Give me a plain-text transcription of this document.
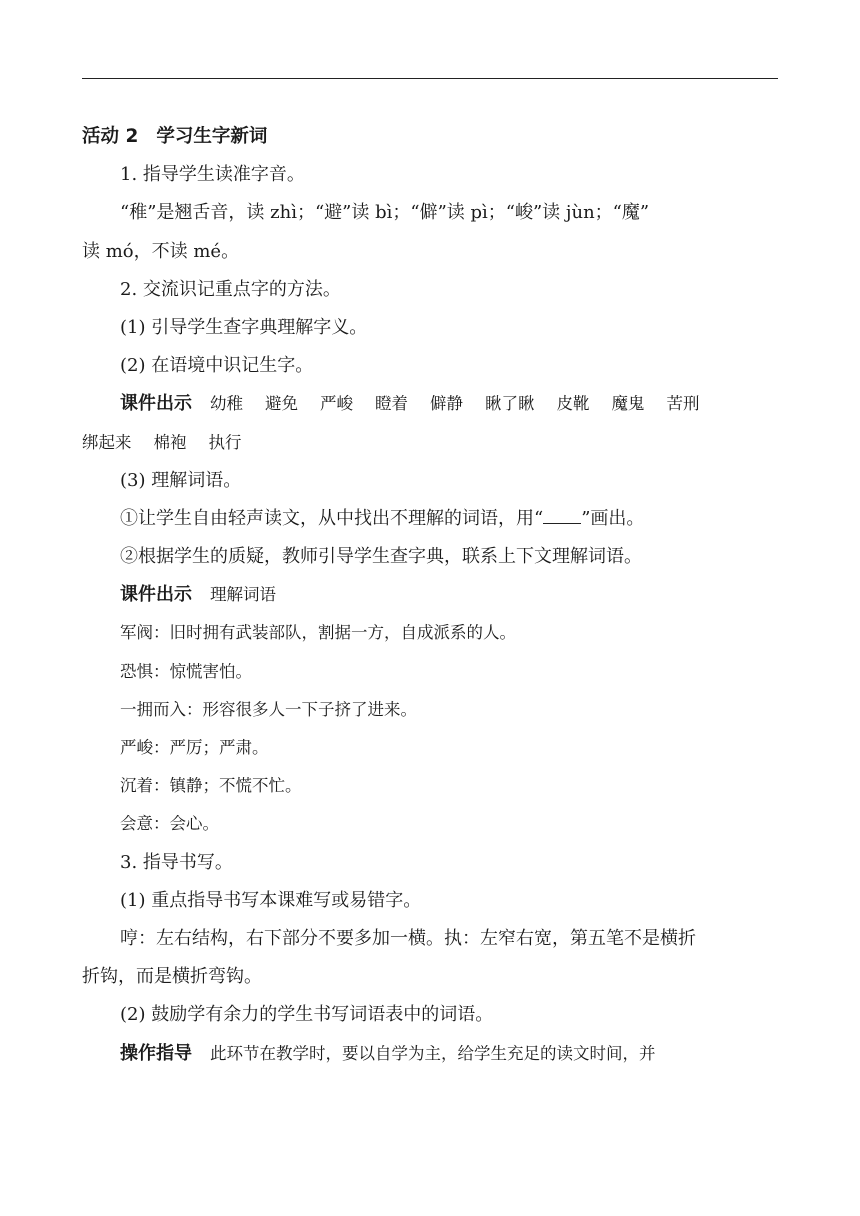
活动 2 学习生字新词
1. 指导学生读准字音。
“稚”是翘舌音，读 zhì；“避”读 bì；“僻”读 pì；“峻”读 jùn；“魔”
读 mó，不读 mé。
2. 交流识记重点字的方法。
(1) 引导学生查字典理解字义。
(2) 在语境中识记生字。
课件出示 幼稚 避免 严峻 瞪着 僻静 瞅了瞅 皮靴 魔鬼 苦刑
绑起来 棉袍 执行
(3) 理解词语。
①让学生自由轻声读文，从中找出不理解的词语，用“ ”画出。
②根据学生的质疑，教师引导学生查字典，联系上下文理解词语。
课件出示 理解词语
军阀：旧时拥有武装部队，割据一方，自成派系的人。
恐惧：惊慌害怕。
一拥而入：形容很多人一下子挤了进来。
严峻：严厉；严肃。
沉着：镇静；不慌不忙。
会意：会心。
3. 指导书写。
(1) 重点指导书写本课难写或易错字。
哼：左右结构，右下部分不要多加一横。执：左窄右宽，第五笔不是横折
折钩，而是横折弯钩。
(2) 鼓励学有余力的学生书写词语表中的词语。
操作指导 此环节在教学时，要以自学为主，给学生充足的读文时间，并
